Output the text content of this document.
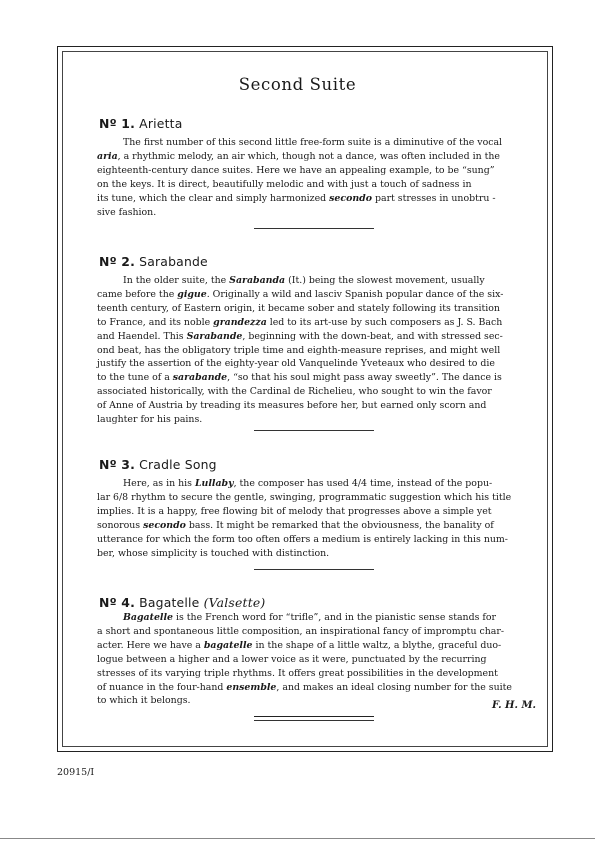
Second Suite
Nº 1. Arietta
The first number of this second little free-form suite is a diminutive of the vocal
aria, a rhythmic melody, an air which, though not a dance, was often included in the
eighteenth-century dance suites. Here we have an appealing example, to be “sung”
on the keys. It is direct, beautifully melodic and with just a touch of sadness in
its tune, which the clear and simply harmonized secondo part stresses in unobtru -
sive fashion.
Nº 2. Sarabande
In the older suite, the Sarabanda (It.) being the slowest movement, usually
came before the gigue. Originally a wild and lasciv Spanish popular dance of the six-
teenth century, of Eastern origin, it became sober and stately following its transition
to France, and its noble grandezza led to its art-use by such composers as J. S. Bach
and Haendel. This Sarabande, beginning with the down-beat, and with stressed sec-
ond beat, has the obligatory triple time and eighth-measure reprises, and might well
justify the assertion of the eighty-year old Vanquelinde Yveteaux who desired to die
to the tune of a sarabande, “so that his soul might pass away sweetly”. The dance is
associated historically, with the Cardinal de Richelieu, who sought to win the favor
of Anne of Austria by treading its measures before her, but earned only scorn and
laughter for his pains.
Nº 3. Cradle Song
Here, as in his Lullaby, the composer has used 4/4 time, instead of the popu-
lar 6/8 rhythm to secure the gentle, swinging, programmatic suggestion which his title
implies. It is a happy, free flowing bit of melody that progresses above a simple yet
sonorous secondo bass. It might be remarked that the obviousness, the banality of
utterance for which the form too often offers a medium is entirely lacking in this num-
ber, whose simplicity is touched with distinction.
Nº 4. Bagatelle (Valsette)
Bagatelle is the French word for “trifle”, and in the pianistic sense stands for
a short and spontaneous little composition, an inspirational fancy of impromptu char-
acter. Here we have a bagatelle in the shape of a little waltz, a blythe, graceful duo-
logue between a higher and a lower voice as it were, punctuated by the recurring
stresses of its varying triple rhythms. It offers great possibilities in the development
of nuance in the four-hand ensemble, and makes an ideal closing number for the suite
to which it belongs.	F. H. M.
20915/I
